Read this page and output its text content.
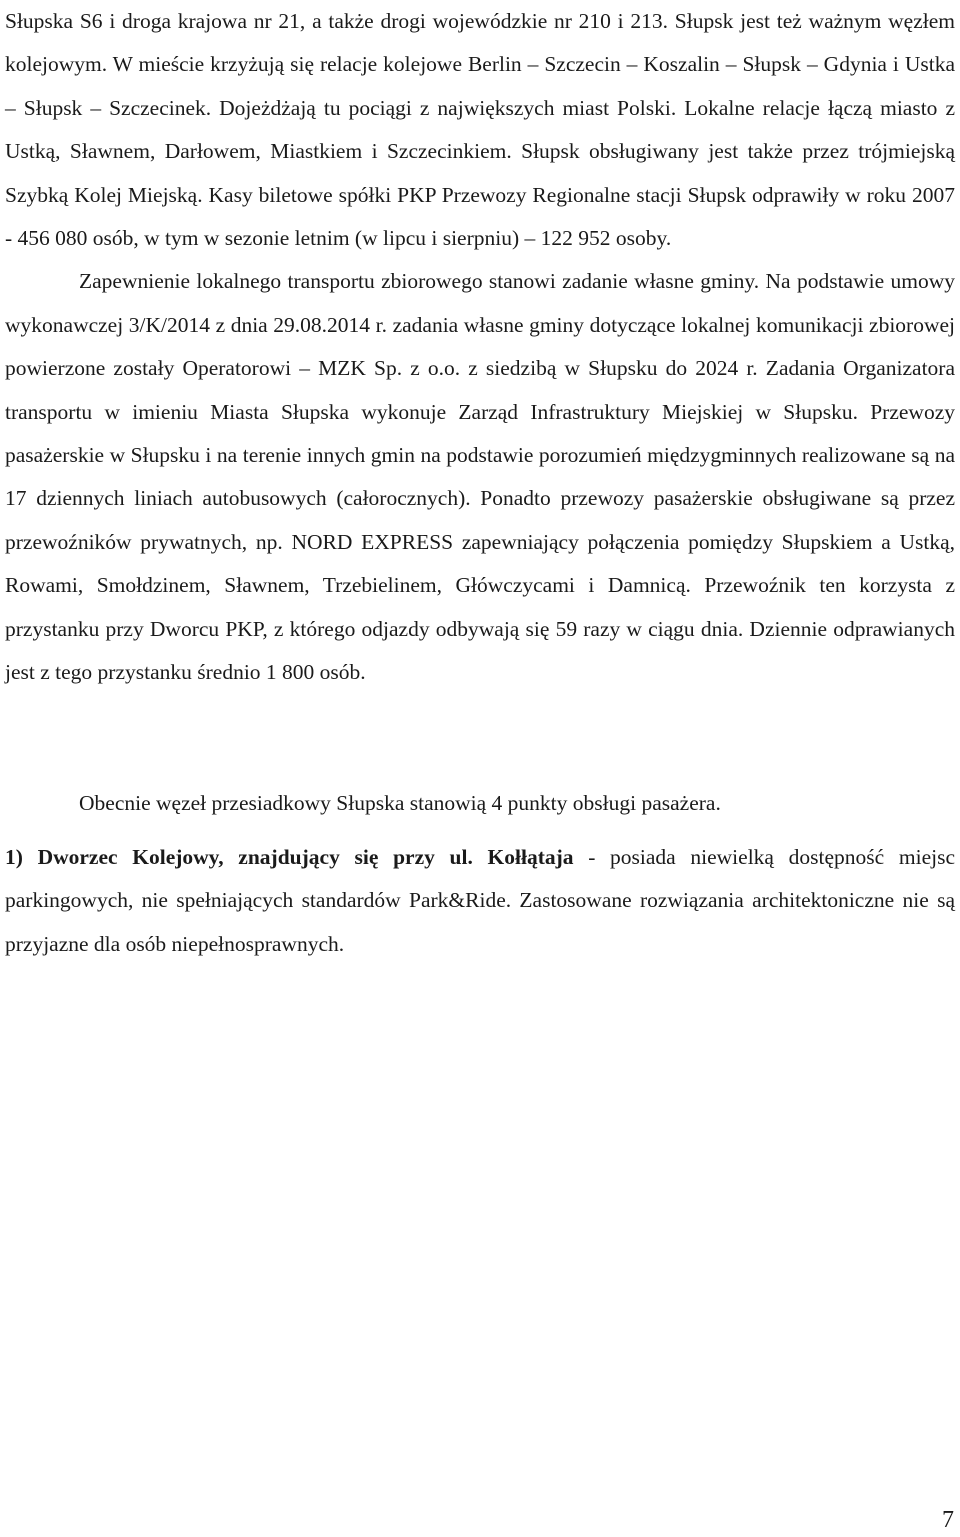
Słupska S6 i droga krajowa nr 21, a także drogi wojewódzkie nr 210 i 213. Słupsk jest też ważnym węzłem kolejowym. W mieście krzyżują się relacje kolejowe Berlin – Szczecin – Koszalin – Słupsk – Gdynia i Ustka – Słupsk – Szczecinek. Dojeżdżają tu pociągi z największych miast Polski. Lokalne relacje łączą miasto z Ustką, Sławnem, Darłowem, Miastkiem i Szczecinkiem. Słupsk obsługiwany jest także przez trójmiejską Szybką Kolej Miejską. Kasy biletowe spółki PKP Przewozy Regionalne stacji Słupsk odprawiły w roku 2007 - 456 080 osób, w tym w sezonie letnim (w lipcu i sierpniu) – 122 952 osoby.

Zapewnienie lokalnego transportu zbiorowego stanowi zadanie własne gminy. Na podstawie umowy wykonawczej 3/K/2014 z dnia 29.08.2014 r. zadania własne gminy dotyczące lokalnej komunikacji zbiorowej powierzone zostały Operatorowi – MZK Sp. z o.o. z siedzibą w Słupsku do 2024 r. Zadania Organizatora transportu w imieniu Miasta Słupska wykonuje Zarząd Infrastruktury Miejskiej w Słupsku. Przewozy pasażerskie w Słupsku i na terenie innych gmin na podstawie porozumień międzygminnych realizowane są na 17 dziennych liniach autobusowych (całorocznych). Ponadto przewozy pasażerskie obsługiwane są przez przewoźników prywatnych, np. NORD EXPRESS zapewniający połączenia pomiędzy Słupskiem a Ustką, Rowami, Smołdzinem, Sławnem, Trzebielinem, Główczycami i Damnicą. Przewoźnik ten korzysta z przystanku przy Dworcu PKP, z którego odjazdy odbywają się 59 razy w ciągu dnia. Dziennie odprawianych jest z tego przystanku średnio 1 800 osób.

Obecnie węzeł przesiadkowy Słupska stanowią 4 punkty obsługi pasażera.

1) Dworzec Kolejowy, znajdujący się przy ul. Kołłątaja - posiada niewielką dostępność miejsc parkingowych, nie spełniających standardów Park&Ride. Zastosowane rozwiązania architektoniczne nie są przyjazne dla osób niepełnosprawnych.

7
